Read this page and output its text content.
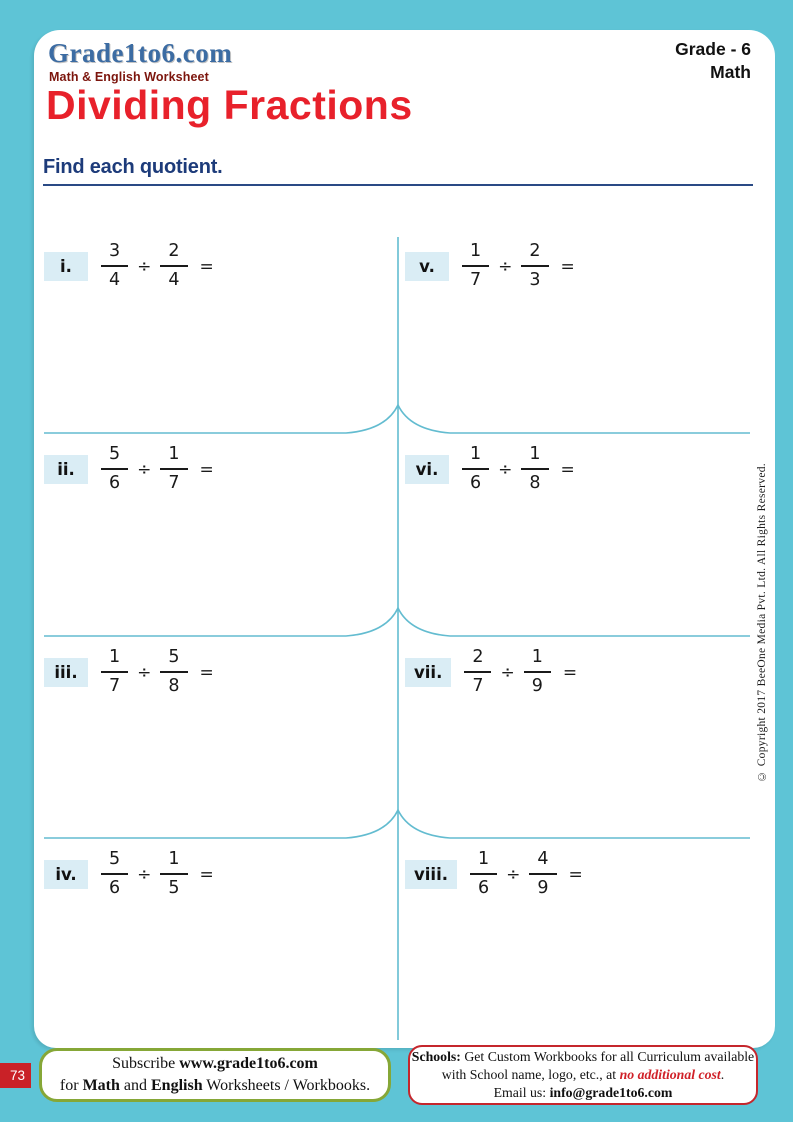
Grade1to6.com
Math & English Worksheet
Grade - 6
Math
Dividing Fractions
Find each quotient.
i.	$\frac{3}{4} \div \frac{2}{4}$ =
ii.	$\frac{5}{6} \div \frac{1}{7}$ =
iii.	$\frac{1}{7} \div \frac{5}{8}$ =
iv.	$\frac{5}{6} \div \frac{1}{5}$ =
v.	$\frac{1}{7} \div \frac{2}{3}$ =
vi.	$\frac{1}{6} \div \frac{1}{8}$ =
vii.	$\frac{2}{7} \div \frac{1}{9}$ =
viii.	$\frac{1}{6} \div \frac{4}{9}$ =
© Copyright 2017 BeeOne Media Pvt. Ltd. All Rights Reserved.
73
Subscribe www.grade1to6.com
for Math and English Worksheets / Workbooks.
Schools: Get Custom Workbooks for all Curriculum available
with School name, logo, etc., at no additional cost.
Email us: info@grade1to6.com
